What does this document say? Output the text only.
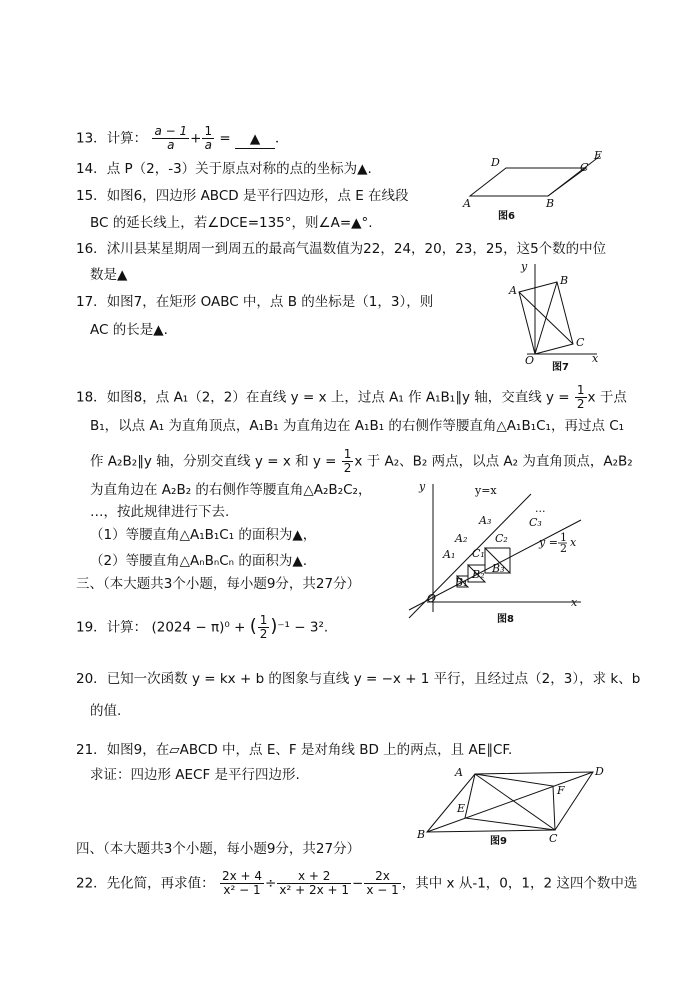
13．计算： $\frac{a - 1}{a} + \frac{1}{a}$ = ▲ ．
14．点 P（2，-3）关于原点对称的点的坐标为▲.
15．如图6，四边形 ABCD 是平行四边形，点 E 在线段
BC 的延长线上，若∠DCE=135°，则∠A=▲°.
A	B
C
D
E
图6
16．沭川县某星期周一到周五的最高气温数值为22，24，20，23，25，这5个数的中位
数是▲
17．如图7，在矩形 OABC 中，点 B 的坐标是（1，3），则
AC 的长是▲.
y
x
O
A
B
C
图7
18．如图8，点 A₁（2，2）在直线 y = x 上，过点 A₁ 作 A₁B₁∥y 轴，交直线 $y = \frac{1}{2}$ x 于点
B₁，以点 A₁ 为直角顶点，A₁B₁ 为直角边在 A₁B₁ 的右侧作等腰直角△A₁B₁C₁，再过点 C₁
作 A₂B₂∥y 轴，分别交直线 y = x 和 $y = \frac{1}{2}$ x 于 A₂、B₂ 两点，以点 A₂ 为直角顶点，A₂B₂
为直角边在 A₂B₂ 的右侧作等腰直角△A₂B₂C₂，
…，按此规律进行下去.
（1）等腰直角△A₁B₁C₁ 的面积为▲，
（2）等腰直角△AₙBₙCₙ 的面积为▲.
三、（本大题共3个小题，每小题9分，共27分）
y=x
...
y = 1
2 x
y
x
O
A₁
A₂
A₃
B₁
B₂ B₃
C₁
C₂
C₃
图8
19．计算： (2024 − π)⁰ + ( $\frac{1}{2} )^{-1} - 3^2$.
20．已知一次函数 y = kx + b 的图象与直线 y = −x + 1 平行，且经过点（2，3），求 k、b
的值.
21．如图9，在▱ABCD 中，点 E、F 是对角线 BD 上的两点，且 AE∥CF.
求证：四边形 AECF 是平行四边形.	A
B	C
D
E
F
图9
四、（本大题共3个小题，每小题9分，共27分）
22．先化简，再求值： $\frac{2x + 4}{\text{x² − 1}} \div \frac{x + 2}{\text{x² + 2x + 1}} - \frac{2x}{x - 1}$ ，其中 x 从-1，0，1，2 这四个数中选
